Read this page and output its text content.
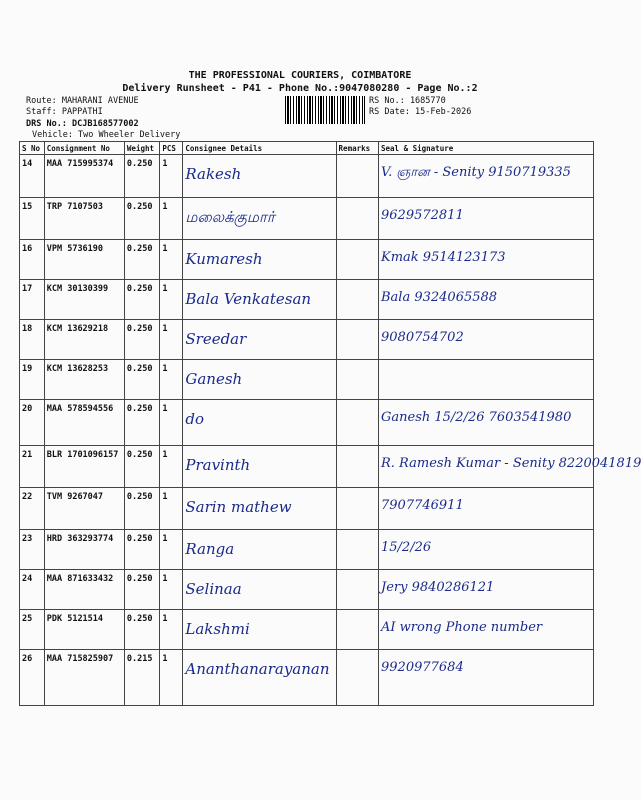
THE PROFESSIONAL COURIERS, COIMBATORE
Delivery Runsheet - P41 - Phone No.:9047080280 - Page No.:2
Route: MAHARANI AVENUE
Staff: PAPPATHI
DRS No.: DCJB168577002
Vehicle: Two Wheeler Delivery
RS No.: 1685770
RS Date: 15-Feb-2026
S No	Consignment No	Weight	PCS	Consignee Details	Remarks	Seal & Signature
14	MAA 715995374	0.250	1	Rakesh		V. ஞான - Senity 9150719335

15	TRP 7107503	0.250	1	மலைக்குமார்		9629572811

16	VPM 5736190	0.250	1	Kumaresh		Kmak 9514123173

17	KCM 30130399	0.250	1	Bala Venkatesan		Bala 9324065588

18	KCM 13629218	0.250	1	Sreedar		9080754702

19	KCM 13628253	0.250	1	Ganesh		

20	MAA 578594556	0.250	1	do		Ganesh 15/2/26 7603541980

21	BLR 1701096157	0.250	1	Pravinth		R. Ramesh Kumar - Senity 8220041819

22	TVM 9267047	0.250	1	Sarin mathew		7907746911

23	HRD 363293774	0.250	1	Ranga		15/2/26

24	MAA 871633432	0.250	1	Selinaa		Jery 9840286121

25	PDK 5121514	0.250	1	Lakshmi		AI wrong Phone number

26	MAA 715825907	0.215	1	Ananthanarayanan		9920977684
